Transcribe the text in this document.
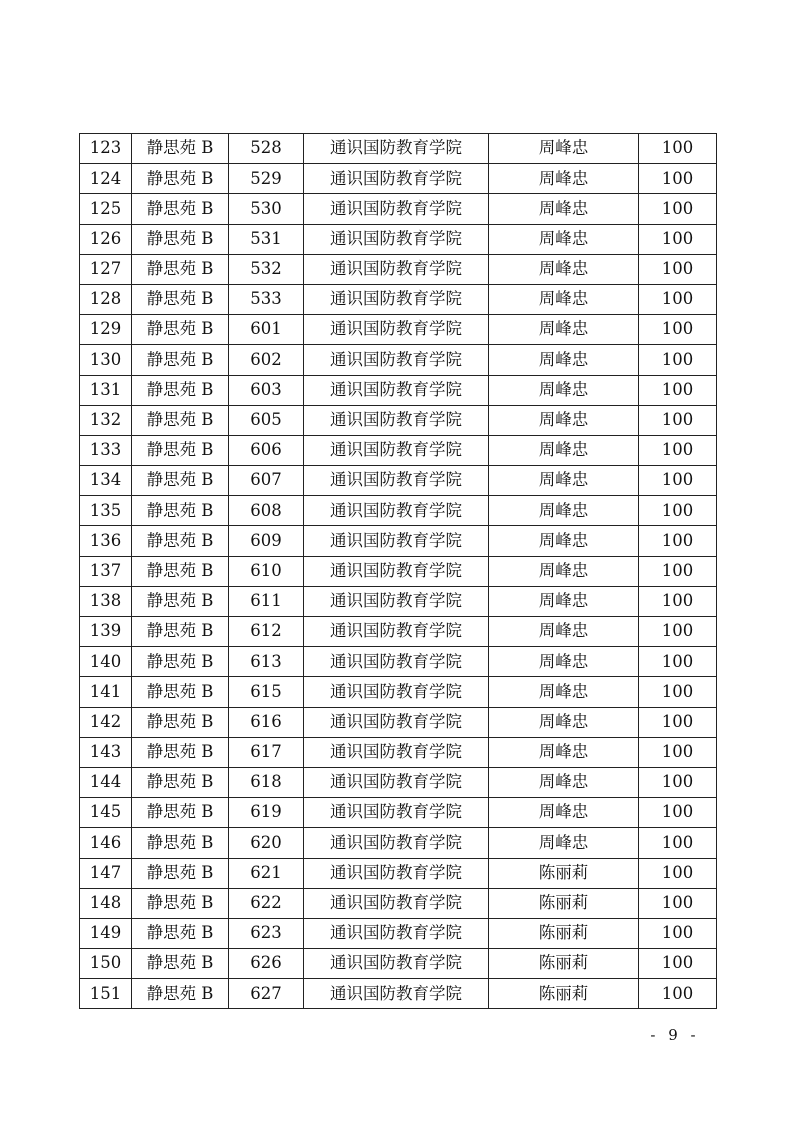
123	静思苑 B	528	通识国防教育学院	周峰忠	100
124	静思苑 B	529	通识国防教育学院	周峰忠	100
125	静思苑 B	530	通识国防教育学院	周峰忠	100
126	静思苑 B	531	通识国防教育学院	周峰忠	100
127	静思苑 B	532	通识国防教育学院	周峰忠	100
128	静思苑 B	533	通识国防教育学院	周峰忠	100
129	静思苑 B	601	通识国防教育学院	周峰忠	100
130	静思苑 B	602	通识国防教育学院	周峰忠	100
131	静思苑 B	603	通识国防教育学院	周峰忠	100
132	静思苑 B	605	通识国防教育学院	周峰忠	100
133	静思苑 B	606	通识国防教育学院	周峰忠	100
134	静思苑 B	607	通识国防教育学院	周峰忠	100
135	静思苑 B	608	通识国防教育学院	周峰忠	100
136	静思苑 B	609	通识国防教育学院	周峰忠	100
137	静思苑 B	610	通识国防教育学院	周峰忠	100
138	静思苑 B	611	通识国防教育学院	周峰忠	100
139	静思苑 B	612	通识国防教育学院	周峰忠	100
140	静思苑 B	613	通识国防教育学院	周峰忠	100
141	静思苑 B	615	通识国防教育学院	周峰忠	100
142	静思苑 B	616	通识国防教育学院	周峰忠	100
143	静思苑 B	617	通识国防教育学院	周峰忠	100
144	静思苑 B	618	通识国防教育学院	周峰忠	100
145	静思苑 B	619	通识国防教育学院	周峰忠	100
146	静思苑 B	620	通识国防教育学院	周峰忠	100
147	静思苑 B	621	通识国防教育学院	陈丽莉	100
148	静思苑 B	622	通识国防教育学院	陈丽莉	100
149	静思苑 B	623	通识国防教育学院	陈丽莉	100
150	静思苑 B	626	通识国防教育学院	陈丽莉	100
151	静思苑 B	627	通识国防教育学院	陈丽莉	100
- 9 -
